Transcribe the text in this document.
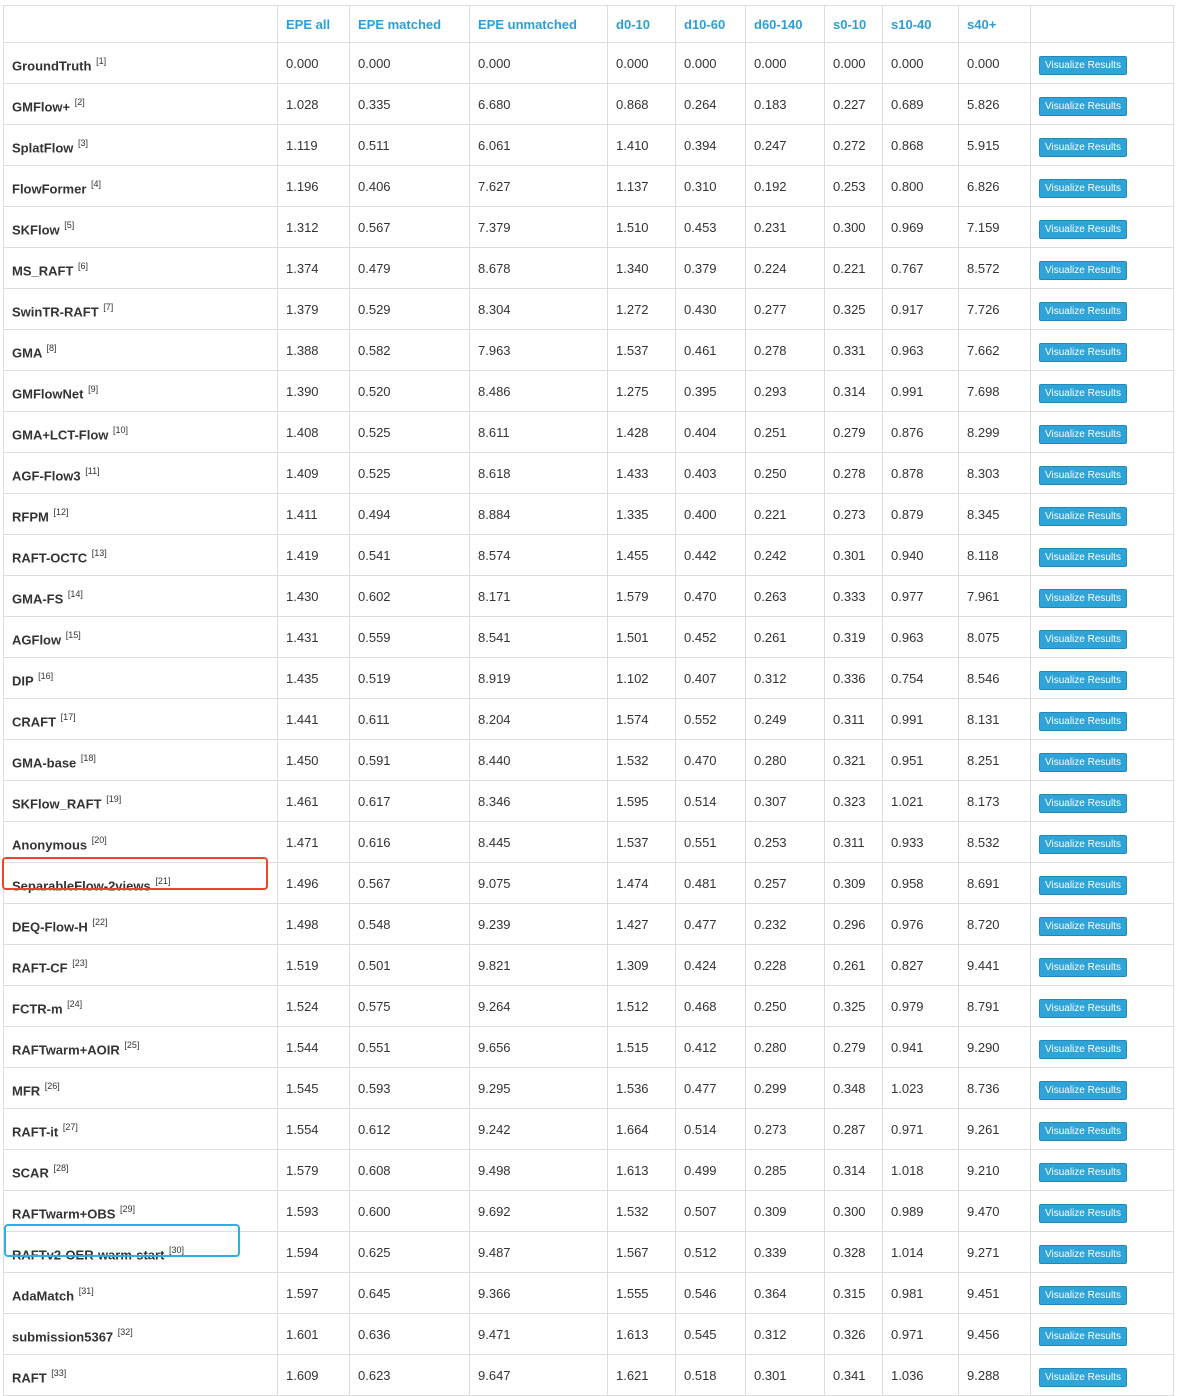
	EPE all	EPE matched	EPE unmatched	d0-10	d10-60	d60-140	s0-10	s10-40	s40+	
GroundTruth [1]	0.000	0.000	0.000	0.000	0.000	0.000	0.000	0.000	0.000	Visualize Results
GMFlow+ [2]	1.028	0.335	6.680	0.868	0.264	0.183	0.227	0.689	5.826	Visualize Results
SplatFlow [3]	1.119	0.511	6.061	1.410	0.394	0.247	0.272	0.868	5.915	Visualize Results
FlowFormer [4]	1.196	0.406	7.627	1.137	0.310	0.192	0.253	0.800	6.826	Visualize Results
SKFlow [5]	1.312	0.567	7.379	1.510	0.453	0.231	0.300	0.969	7.159	Visualize Results
MS_RAFT [6]	1.374	0.479	8.678	1.340	0.379	0.224	0.221	0.767	8.572	Visualize Results
SwinTR-RAFT [7]	1.379	0.529	8.304	1.272	0.430	0.277	0.325	0.917	7.726	Visualize Results
GMA [8]	1.388	0.582	7.963	1.537	0.461	0.278	0.331	0.963	7.662	Visualize Results
GMFlowNet [9]	1.390	0.520	8.486	1.275	0.395	0.293	0.314	0.991	7.698	Visualize Results
GMA+LCT-Flow [10]	1.408	0.525	8.611	1.428	0.404	0.251	0.279	0.876	8.299	Visualize Results
AGF-Flow3 [11]	1.409	0.525	8.618	1.433	0.403	0.250	0.278	0.878	8.303	Visualize Results
RFPM [12]	1.411	0.494	8.884	1.335	0.400	0.221	0.273	0.879	8.345	Visualize Results
RAFT-OCTC [13]	1.419	0.541	8.574	1.455	0.442	0.242	0.301	0.940	8.118	Visualize Results
GMA-FS [14]	1.430	0.602	8.171	1.579	0.470	0.263	0.333	0.977	7.961	Visualize Results
AGFlow [15]	1.431	0.559	8.541	1.501	0.452	0.261	0.319	0.963	8.075	Visualize Results
DIP [16]	1.435	0.519	8.919	1.102	0.407	0.312	0.336	0.754	8.546	Visualize Results
CRAFT [17]	1.441	0.611	8.204	1.574	0.552	0.249	0.311	0.991	8.131	Visualize Results
GMA-base [18]	1.450	0.591	8.440	1.532	0.470	0.280	0.321	0.951	8.251	Visualize Results
SKFlow_RAFT [19]	1.461	0.617	8.346	1.595	0.514	0.307	0.323	1.021	8.173	Visualize Results
Anonymous [20]	1.471	0.616	8.445	1.537	0.551	0.253	0.311	0.933	8.532	Visualize Results
SeparableFlow-2views [21]	1.496	0.567	9.075	1.474	0.481	0.257	0.309	0.958	8.691	Visualize Results
DEQ-Flow-H [22]	1.498	0.548	9.239	1.427	0.477	0.232	0.296	0.976	8.720	Visualize Results
RAFT-CF [23]	1.519	0.501	9.821	1.309	0.424	0.228	0.261	0.827	9.441	Visualize Results
FCTR-m [24]	1.524	0.575	9.264	1.512	0.468	0.250	0.325	0.979	8.791	Visualize Results
RAFTwarm+AOIR [25]	1.544	0.551	9.656	1.515	0.412	0.280	0.279	0.941	9.290	Visualize Results
MFR [26]	1.545	0.593	9.295	1.536	0.477	0.299	0.348	1.023	8.736	Visualize Results
RAFT-it [27]	1.554	0.612	9.242	1.664	0.514	0.273	0.287	0.971	9.261	Visualize Results
SCAR [28]	1.579	0.608	9.498	1.613	0.499	0.285	0.314	1.018	9.210	Visualize Results
RAFTwarm+OBS [29]	1.593	0.600	9.692	1.532	0.507	0.309	0.300	0.989	9.470	Visualize Results
RAFTv2-OER-warm-start [30]	1.594	0.625	9.487	1.567	0.512	0.339	0.328	1.014	9.271	Visualize Results
AdaMatch [31]	1.597	0.645	9.366	1.555	0.546	0.364	0.315	0.981	9.451	Visualize Results
submission5367 [32]	1.601	0.636	9.471	1.613	0.545	0.312	0.326	0.971	9.456	Visualize Results
RAFT [33]	1.609	0.623	9.647	1.621	0.518	0.301	0.341	1.036	9.288	Visualize Results
